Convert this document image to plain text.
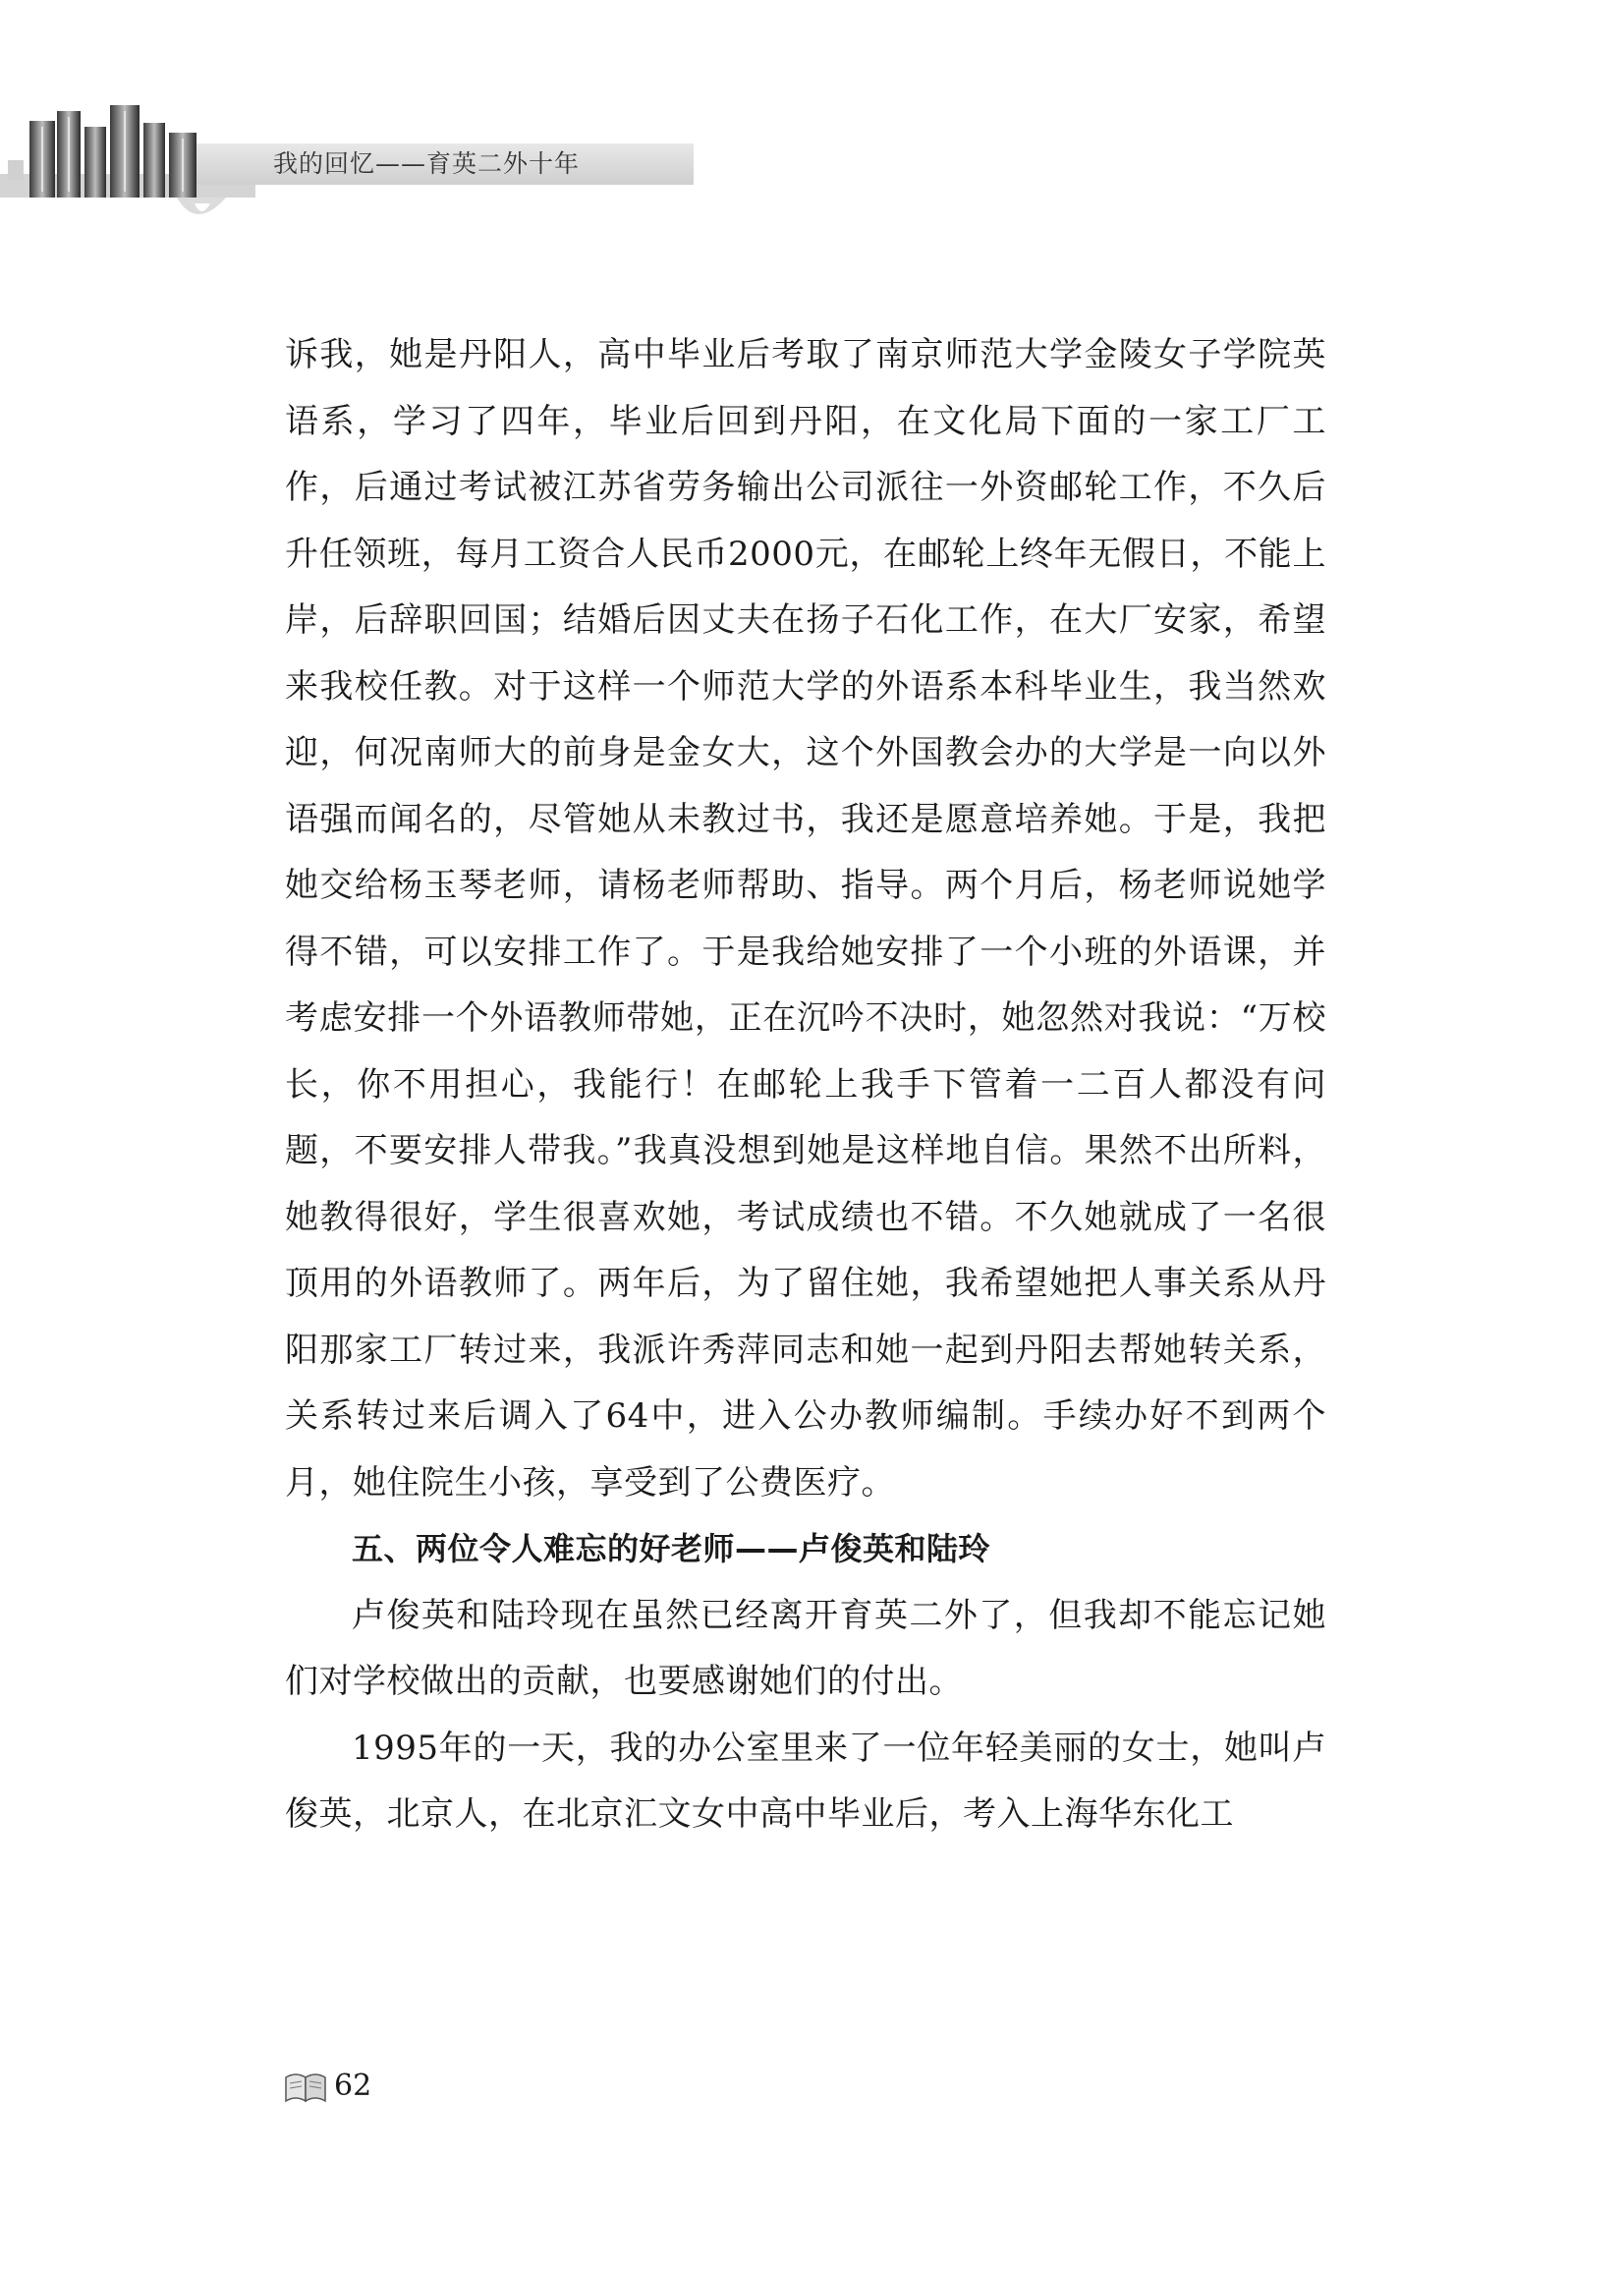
我的回忆——育英二外十年

诉我，她是丹阳人，高中毕业后考取了南京师范大学金陵女子学院英语系，学习了四年，毕业后回到丹阳，在文化局下面的一家工厂工作，后通过考试被江苏省劳务输出公司派往一外资邮轮工作，不久后升任领班，每月工资合人民币2000元，在邮轮上终年无假日，不能上岸，后辞职回国；结婚后因丈夫在扬子石化工作，在大厂安家，希望来我校任教。对于这样一个师范大学的外语系本科毕业生，我当然欢迎，何况南师大的前身是金女大，这个外国教会办的大学是一向以外语强而闻名的，尽管她从未教过书，我还是愿意培养她。于是，我把她交给杨玉琴老师，请杨老师帮助、指导。两个月后，杨老师说她学得不错，可以安排工作了。于是我给她安排了一个小班的外语课，并考虑安排一个外语教师带她，正在沉吟不决时，她忽然对我说：“万校长，你不用担心，我能行！在邮轮上我手下管着一二百人都没有问题，不要安排人带我。”我真没想到她是这样地自信。果然不出所料，她教得很好，学生很喜欢她，考试成绩也不错。不久她就成了一名很顶用的外语教师了。两年后，为了留住她，我希望她把人事关系从丹阳那家工厂转过来，我派许秀萍同志和她一起到丹阳去帮她转关系，关系转过来后调入了64中，进入公办教师编制。手续办好不到两个月，她住院生小孩，享受到了公费医疗。

五、两位令人难忘的好老师——卢俊英和陆玲

卢俊英和陆玲现在虽然已经离开育英二外了，但我却不能忘记她们对学校做出的贡献，也要感谢她们的付出。

1995年的一天，我的办公室里来了一位年轻美丽的女士，她叫卢俊英，北京人，在北京汇文女中高中毕业后，考入上海华东化工

62
